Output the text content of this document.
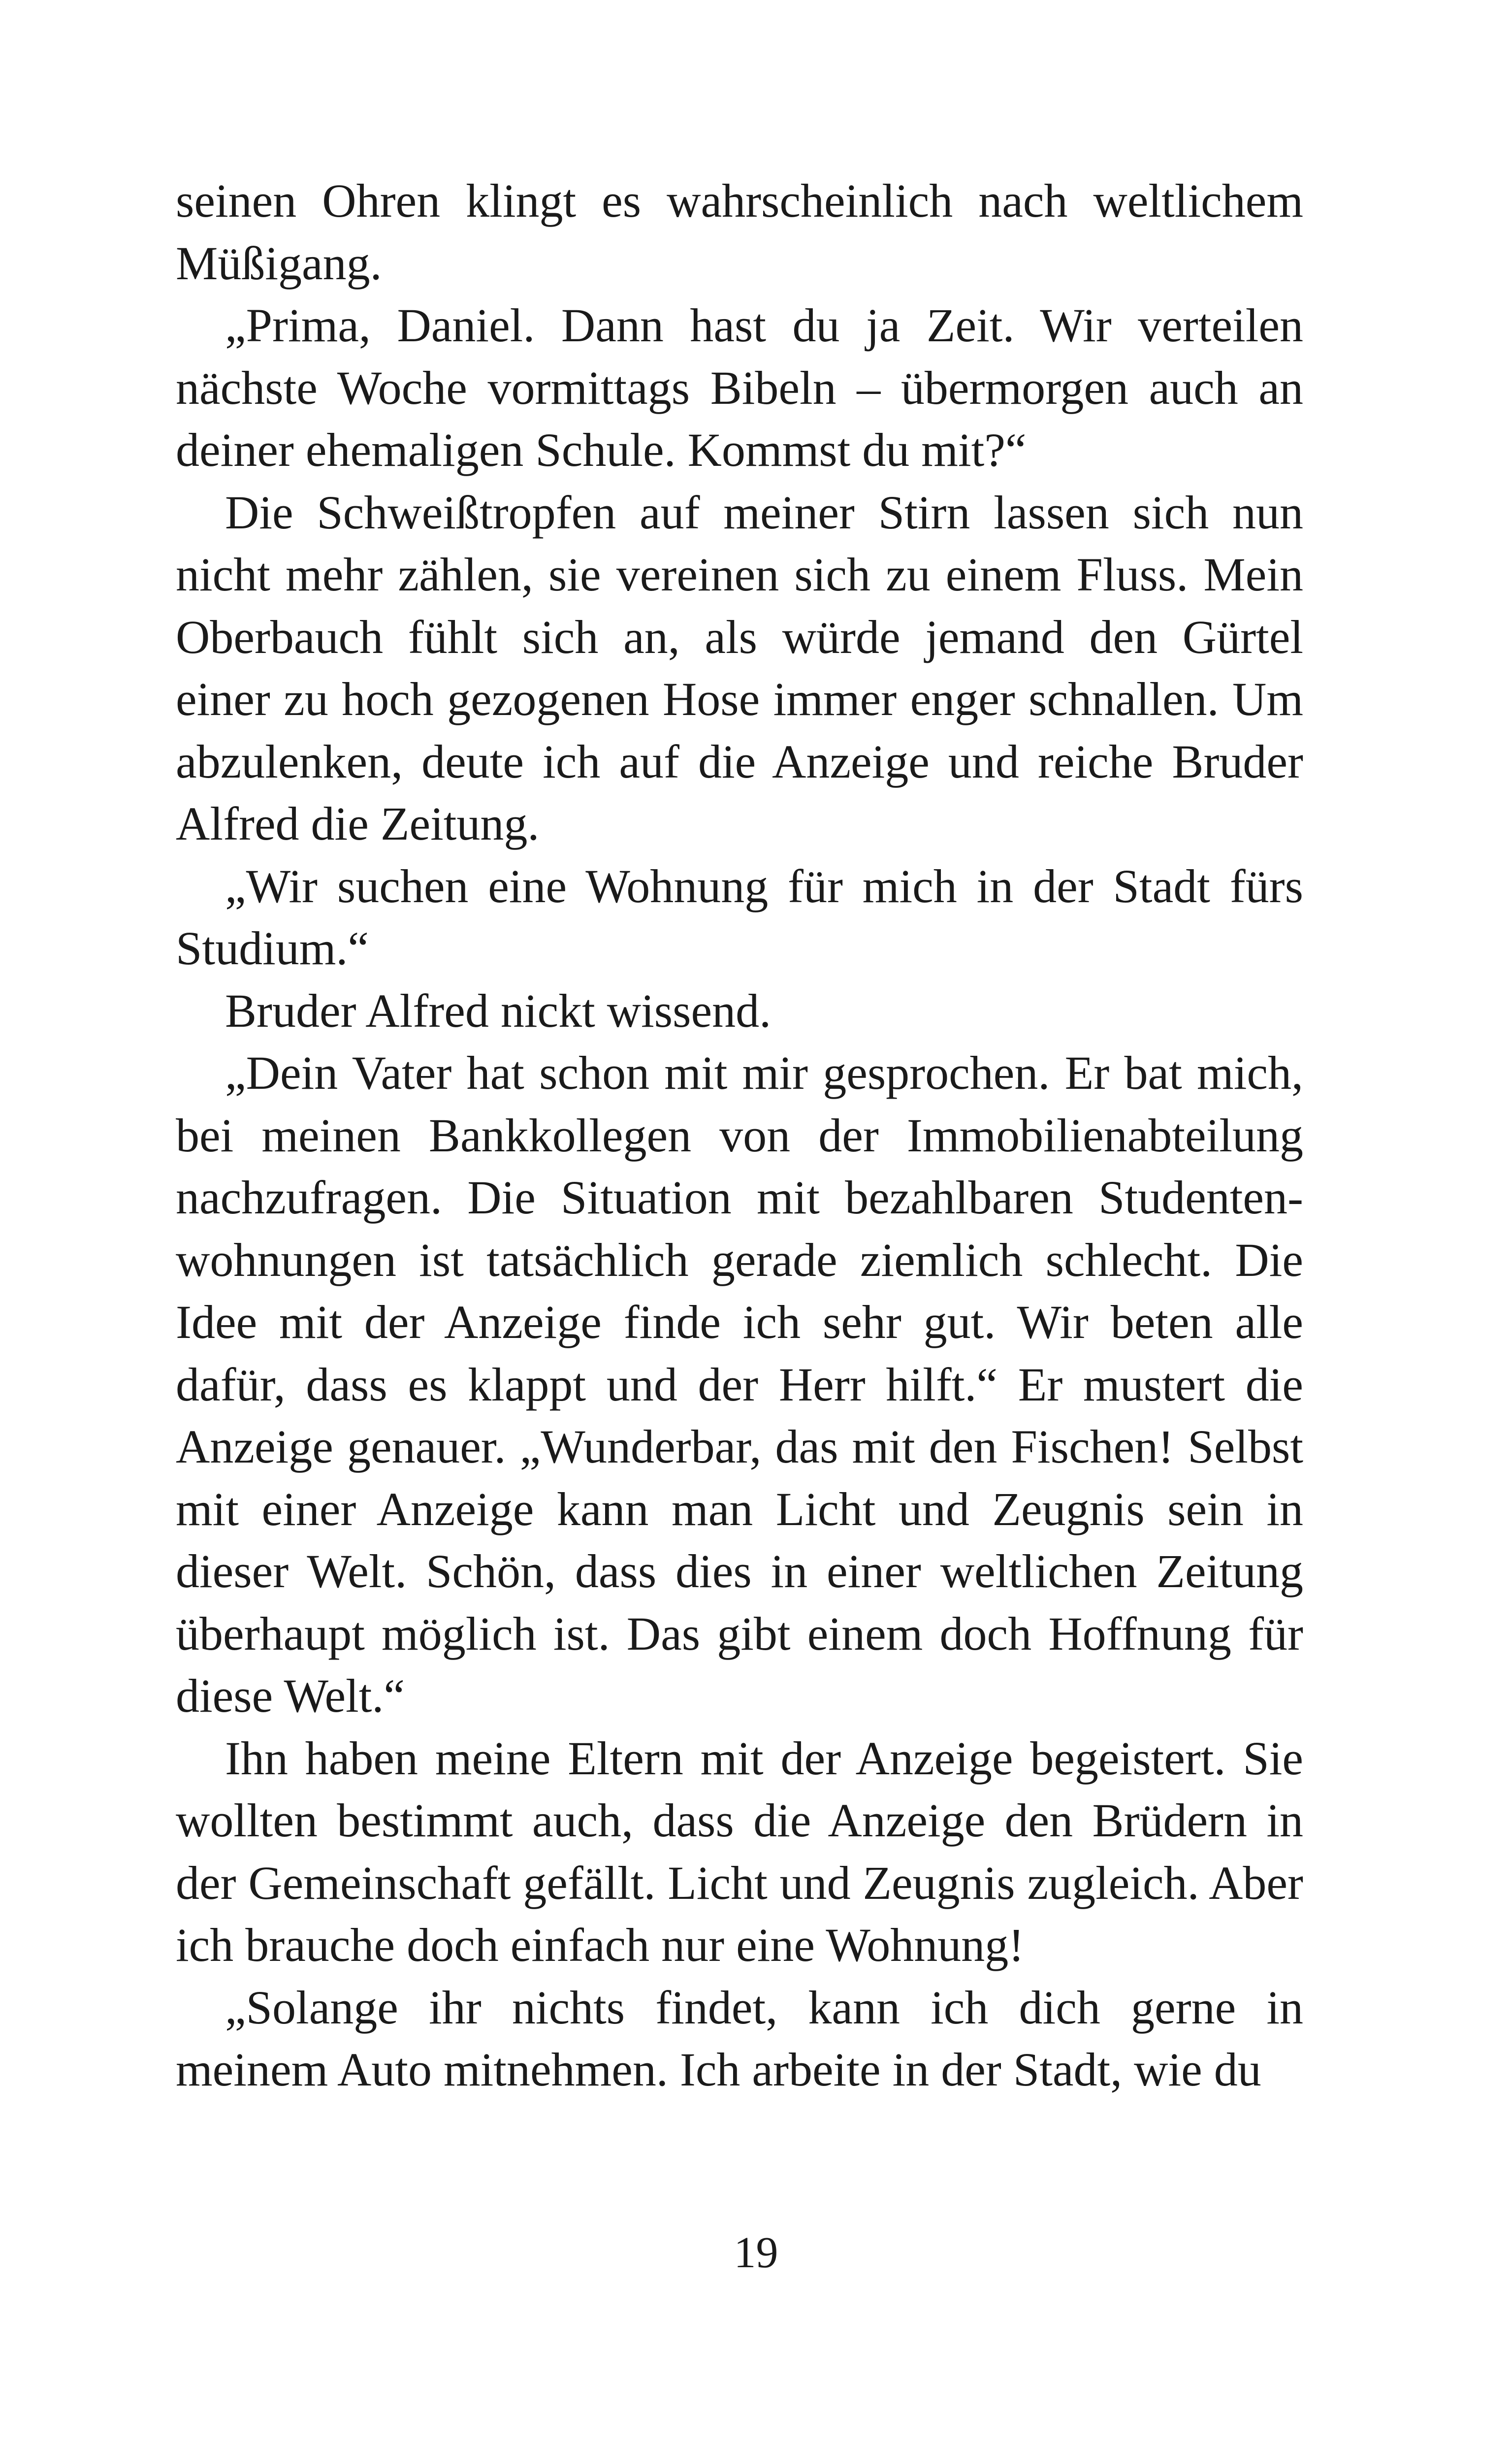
seinen Ohren klingt es wahrscheinlich nach weltlichem Müßigang.

„Prima, Daniel. Dann hast du ja Zeit. Wir verteilen nächste Woche vormittags Bibeln – übermorgen auch an deiner ehemaligen Schule. Kommst du mit?“

Die Schweißtropfen auf meiner Stirn lassen sich nun nicht mehr zählen, sie vereinen sich zu einem Fluss. Mein Oberbauch fühlt sich an, als würde jemand den Gürtel einer zu hoch gezogenen Hose immer enger schnallen. Um abzulenken, deute ich auf die Anzeige und reiche Bruder Alfred die Zeitung.

„Wir suchen eine Wohnung für mich in der Stadt fürs Studium.“

Bruder Alfred nickt wissend.

„Dein Vater hat schon mit mir gesprochen. Er bat mich, bei meinen Bankkollegen von der Immobilienabteilung nachzufragen. Die Situation mit bezahlbaren Studentenwohnungen ist tatsächlich gerade ziemlich schlecht. Die Idee mit der Anzeige finde ich sehr gut. Wir beten alle dafür, dass es klappt und der Herr hilft.“ Er mustert die Anzeige genauer. „Wunderbar, das mit den Fischen! Selbst mit einer Anzeige kann man Licht und Zeugnis sein in dieser Welt. Schön, dass dies in einer weltlichen Zeitung überhaupt möglich ist. Das gibt einem doch Hoffnung für diese Welt.“

Ihn haben meine Eltern mit der Anzeige begeistert. Sie wollten bestimmt auch, dass die Anzeige den Brüdern in der Gemeinschaft gefällt. Licht und Zeugnis zugleich. Aber ich brauche doch einfach nur eine Wohnung!

„Solange ihr nichts findet, kann ich dich gerne in meinem Auto mitnehmen. Ich arbeite in der Stadt, wie du

19
